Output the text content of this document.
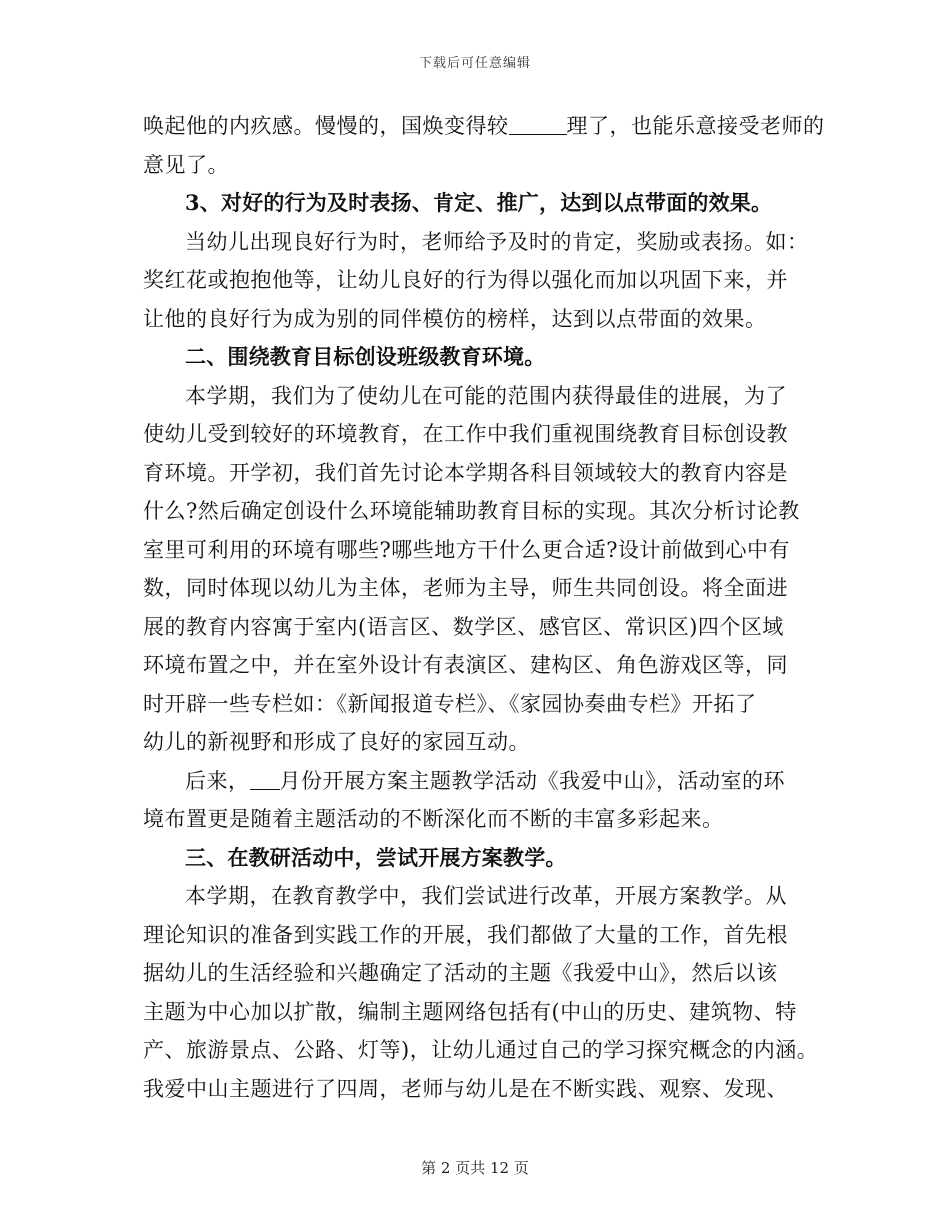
下载后可任意编辑
唤起他的内疚感。慢慢的，国焕变得较	理了，也能乐意接受老师的
意见了。
3、对好的行为及时表扬、肯定、推广，达到以点带面的效果。
当幼儿出现良好行为时，老师给予及时的肯定，奖励或表扬。如：
奖红花或抱抱他等，让幼儿良好的行为得以强化而加以巩固下来，并
让他的良好行为成为别的同伴模仿的榜样，达到以点带面的效果。
二、围绕教育目标创设班级教育环境。
本学期，我们为了使幼儿在可能的范围内获得最佳的进展，为了
使幼儿受到较好的环境教育，在工作中我们重视围绕教育目标创设教
育环境。开学初，我们首先讨论本学期各科目领域较大的教育内容是
什么?然后确定创设什么环境能辅助教育目标的实现。其次分析讨论教
室里可利用的环境有哪些?哪些地方干什么更合适?设计前做到心中有
数，同时体现以幼儿为主体，老师为主导，师生共同创设。将全面进
展的教育内容寓于室内(语言区、数学区、感官区、常识区)四个区域
环境布置之中，并在室外设计有表演区、建构区、角色游戏区等，同
时开辟一些专栏如：《新闻报道专栏》、《家园协奏曲专栏》开拓了
幼儿的新视野和形成了良好的家园互动。
后来， 月份开展方案主题教学活动《我爱中山》，活动室的环
境布置更是随着主题活动的不断深化而不断的丰富多彩起来。
三、在教研活动中，尝试开展方案教学。
本学期，在教育教学中，我们尝试进行改革，开展方案教学。从
理论知识的准备到实践工作的开展，我们都做了大量的工作，首先根
据幼儿的生活经验和兴趣确定了活动的主题《我爱中山》，然后以该
主题为中心加以扩散，编制主题网络包括有(中山的历史、建筑物、特
产、旅游景点、公路、灯等)，让幼儿通过自己的学习探究概念的内涵。
我爱中山主题进行了四周，老师与幼儿是在不断实践、观察、发现、
第 2 页共 12 页
